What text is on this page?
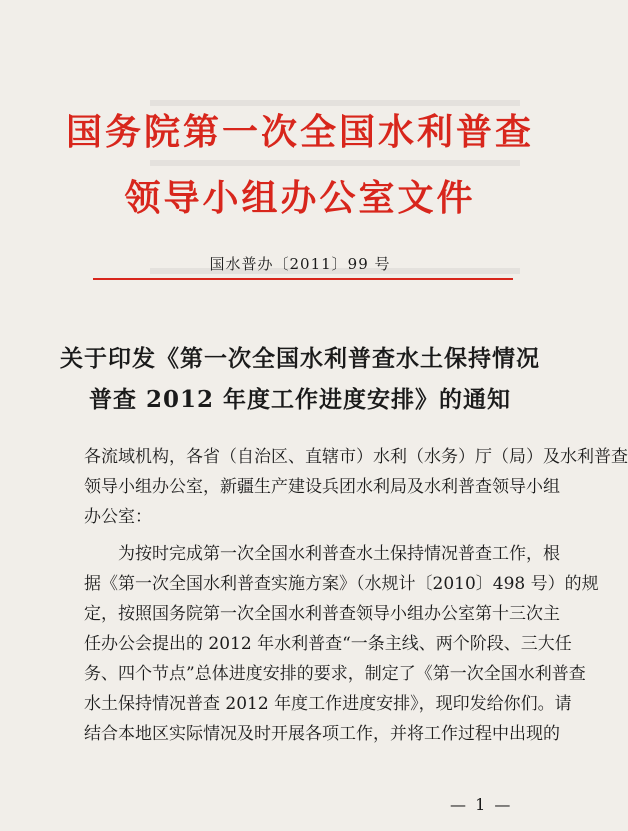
国务院第一次全国水利普查
领导小组办公室文件
国水普办〔2011〕99 号
关于印发《第一次全国水利普查水土保持情况
普查 2012 年度工作进度安排》的通知
各流域机构，各省（自治区、直辖市）水利（水务）厅（局）及水利普查
领导小组办公室，新疆生产建设兵团水利局及水利普查领导小组
办公室：
为按时完成第一次全国水利普查水土保持情况普查工作，根
据《第一次全国水利普查实施方案》（水规计〔2010〕498 号）的规
定，按照国务院第一次全国水利普查领导小组办公室第十三次主
任办公会提出的 2012 年水利普查“一条主线、两个阶段、三大任
务、四个节点”总体进度安排的要求，制定了《第一次全国水利普查
水土保持情况普查 2012 年度工作进度安排》，现印发给你们。请
结合本地区实际情况及时开展各项工作，并将工作过程中出现的
— 1 —
